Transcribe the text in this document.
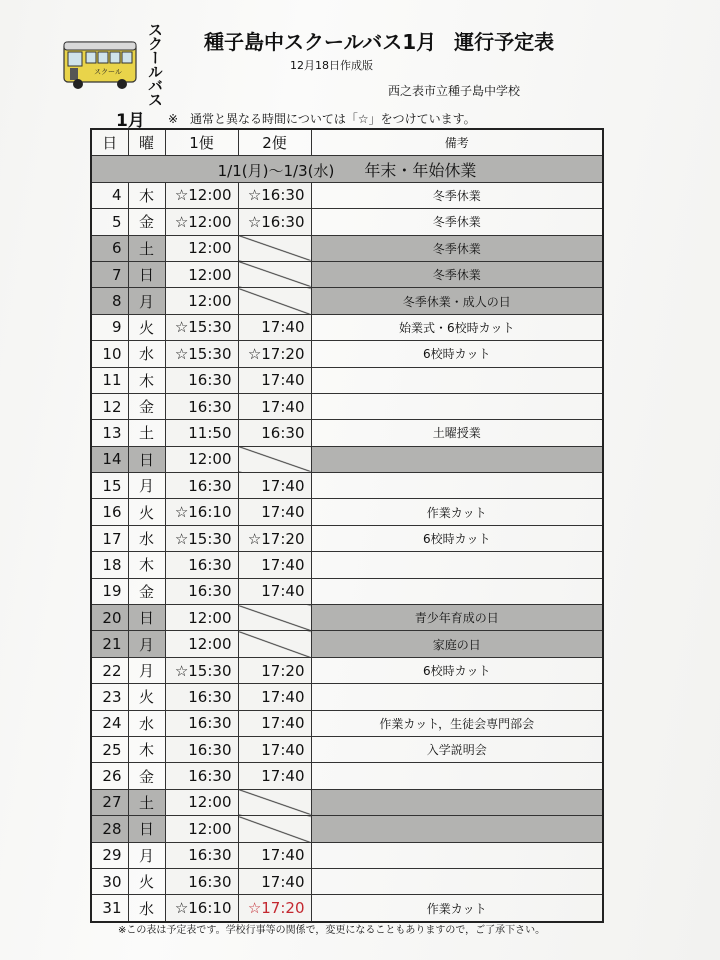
スクール スクールバス 種子島中スクールバス1月 運行予定表
12月18日作成版
西之表市立種子島中学校
1月 ※　通常と異なる時間については「☆」をつけています。
日	曜	1便	2便	備考
1/1(月)〜1/3(水) 年末・年始休業				
4	木	☆12:00	☆16:30	冬季休業
5	金	☆12:00	☆16:30	冬季休業
6	土	12:00		冬季休業
7	日	12:00		冬季休業
8	月	12:00		冬季休業・成人の日
9	火	☆15:30	17:40	始業式・6校時カット
10	水	☆15:30	☆17:20	6校時カット
11	木	16:30	17:40	
12	金	16:30	17:40	
13	土	11:50	16:30	土曜授業
14	日	12:00		
15	月	16:30	17:40	
16	火	☆16:10	17:40	作業カット
17	水	☆15:30	☆17:20	6校時カット
18	木	16:30	17:40	
19	金	16:30	17:40	
20	日	12:00		青少年育成の日
21	月	12:00		家庭の日
22	月	☆15:30	17:20	6校時カット
23	火	16:30	17:40	
24	水	16:30	17:40	作業カット，生徒会専門部会
25	木	16:30	17:40	入学説明会
26	金	16:30	17:40	
27	土	12:00		
28	日	12:00		
29	月	16:30	17:40	
30	火	16:30	17:40	
31	水	☆16:10	☆17:20	作業カット
※この表は予定表です。学校行事等の関係で，変更になることもありますので，ご了承下さい。
